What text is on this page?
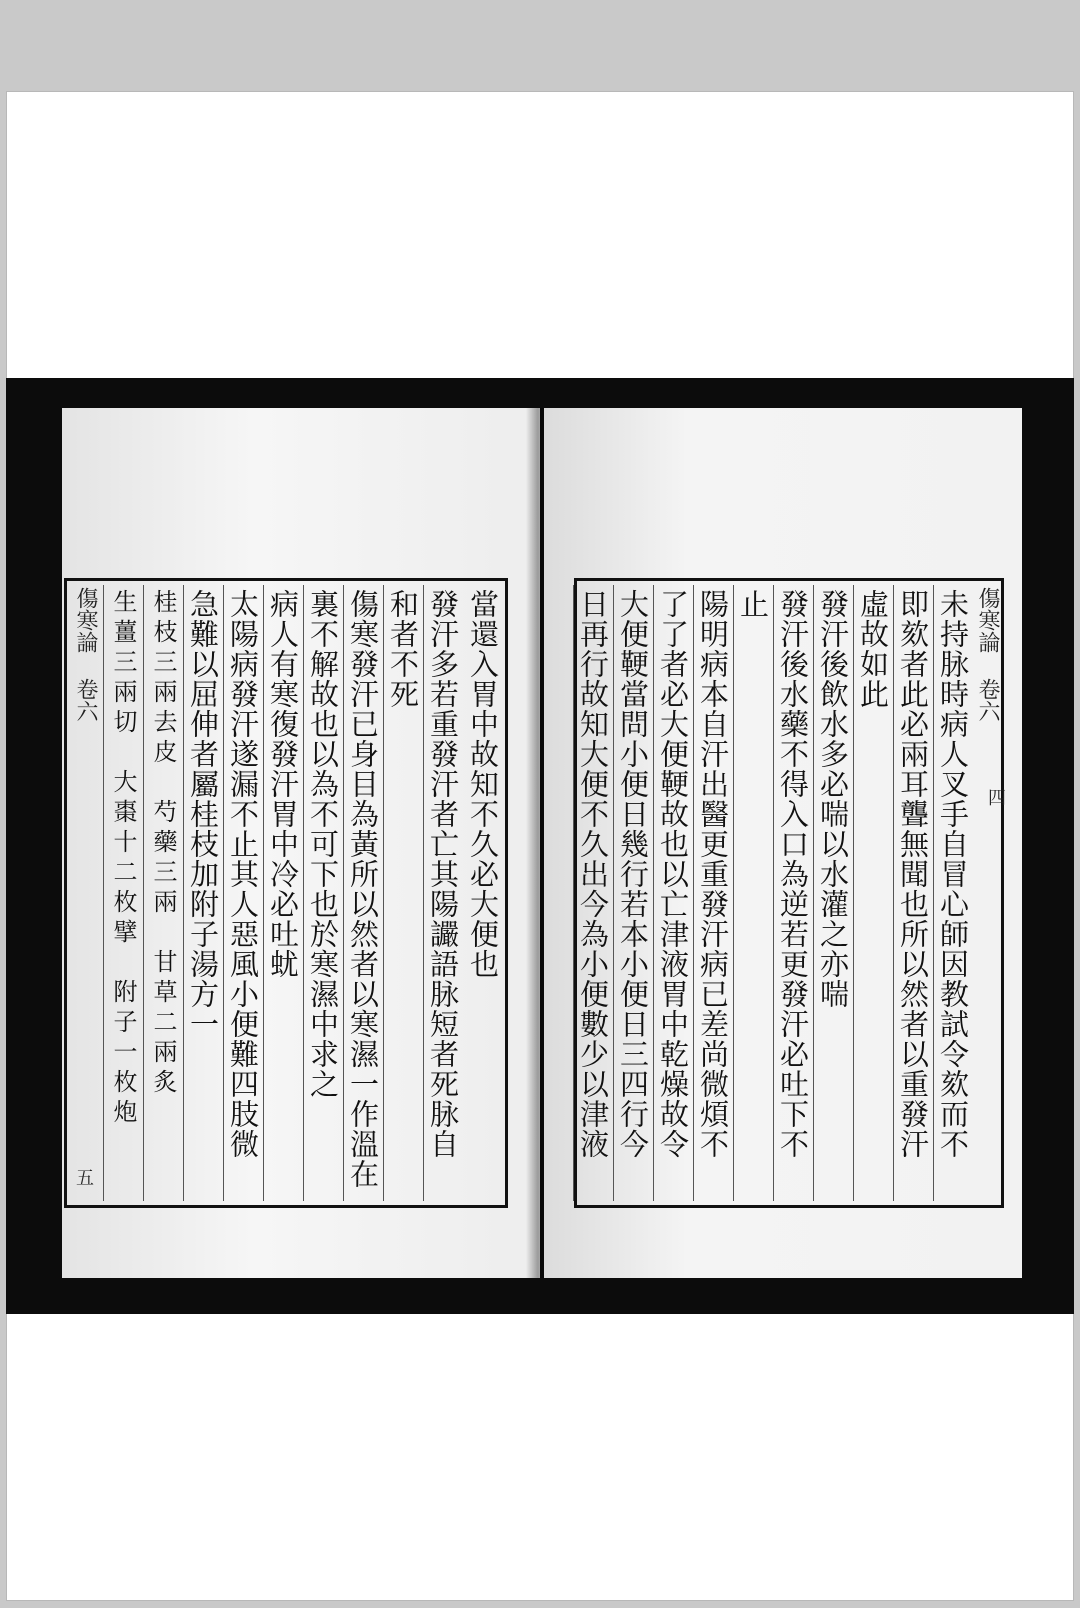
當還入胃中故知不久必大便也
發汗多若重發汗者亡其陽讝語脉短者死脉自
和者不死
傷寒發汗已身目為黃所以然者以寒濕一作溫在
裏不解故也以為不可下也於寒濕中求之
病人有寒復發汗胃中冷必吐蚘
太陽病發汗遂漏不止其人惡風小便難四肢微
急難以屈伸者屬桂枝加附子湯方一
桂枝三兩去皮　芍藥三兩　甘草二兩炙
生薑三兩切　大棗十二枚擘　附子一枚炮
傷寒論 卷六
五
傷寒論 卷六
未持脉時病人叉手自冒心師因教試令欬而不
即欬者此必兩耳聾無聞也所以然者以重發汗
虛故如此
發汗後飲水多必喘以水灌之亦喘
發汗後水藥不得入口為逆若更發汗必吐下不
止
陽明病本自汗出醫更重發汗病已差尚微煩不
了了者必大便鞕故也以亡津液胃中乾燥故令
大便鞕當問小便日幾行若本小便日三四行今
日再行故知大便不久出今為小便數少以津液	四
